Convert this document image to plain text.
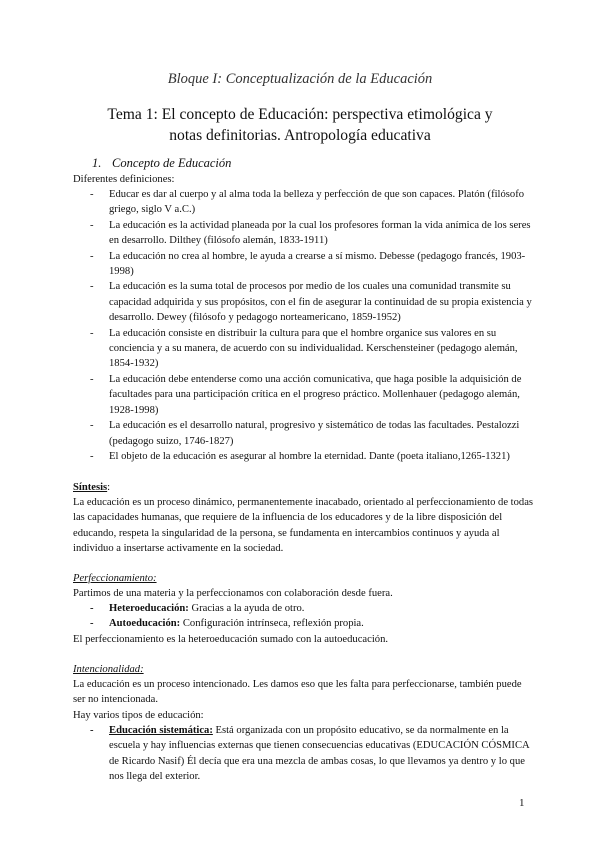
Bloque I: Conceptualización de la Educación
Tema 1: El concepto de Educación: perspectiva etimológica y notas definitorias. Antropología educativa
1. Concepto de Educación
Diferentes definiciones:
- Educar es dar al cuerpo y al alma toda la belleza y perfección de que son capaces. Platón (filósofo griego, siglo V a.C.)
- La educación es la actividad planeada por la cual los profesores forman la vida anímica de los seres en desarrollo. Dilthey (filósofo alemán, 1833-1911)
- La educación no crea al hombre, le ayuda a crearse a sí mismo. Debesse (pedagogo francés, 1903-1998)
- La educación es la suma total de procesos por medio de los cuales una comunidad transmite su capacidad adquirida y sus propósitos, con el fin de asegurar la continuidad de su propia existencia y desarrollo. Dewey (filósofo y pedagogo norteamericano, 1859-1952)
- La educación consiste en distribuir la cultura para que el hombre organice sus valores en su conciencia y a su manera, de acuerdo con su individualidad. Kerschensteiner (pedagogo alemán, 1854-1932)
- La educación debe entenderse como una acción comunicativa, que haga posible la adquisición de facultades para una participación crítica en el progreso práctico. Mollenhauer (pedagogo alemán, 1928-1998)
- La educación es el desarrollo natural, progresivo y sistemático de todas las facultades. Pestalozzi (pedagogo suizo, 1746-1827)
- El objeto de la educación es asegurar al hombre la eternidad. Dante (poeta italiano,1265-1321)
Síntesis:
La educación es un proceso dinámico, permanentemente inacabado, orientado al perfeccionamiento de todas las capacidades humanas, que requiere de la influencia de los educadores y de la libre disposición del educando, respeta la singularidad de la persona, se fundamenta en intercambios continuos y ayuda al individuo a insertarse activamente en la sociedad.
Perfeccionamiento:
Partimos de una materia y la perfeccionamos con colaboración desde fuera.
- Heteroeducación: Gracias a la ayuda de otro.
- Autoeducación: Configuración intrínseca, reflexión propia.
El perfeccionamiento es la heteroeducación sumado con la autoeducación.
Intencionalidad:
La educación es un proceso intencionado. Les damos eso que les falta para perfeccionarse, también puede ser no intencionada.
Hay varios tipos de educación:
- Educación sistemática: Está organizada con un propósito educativo, se da normalmente en la escuela y hay influencias externas que tienen consecuencias educativas (EDUCACIÓN CÓSMICA de Ricardo Nasif) Él decía que era una mezcla de ambas cosas, lo que llevamos ya dentro y lo que nos llega del exterior.
1
